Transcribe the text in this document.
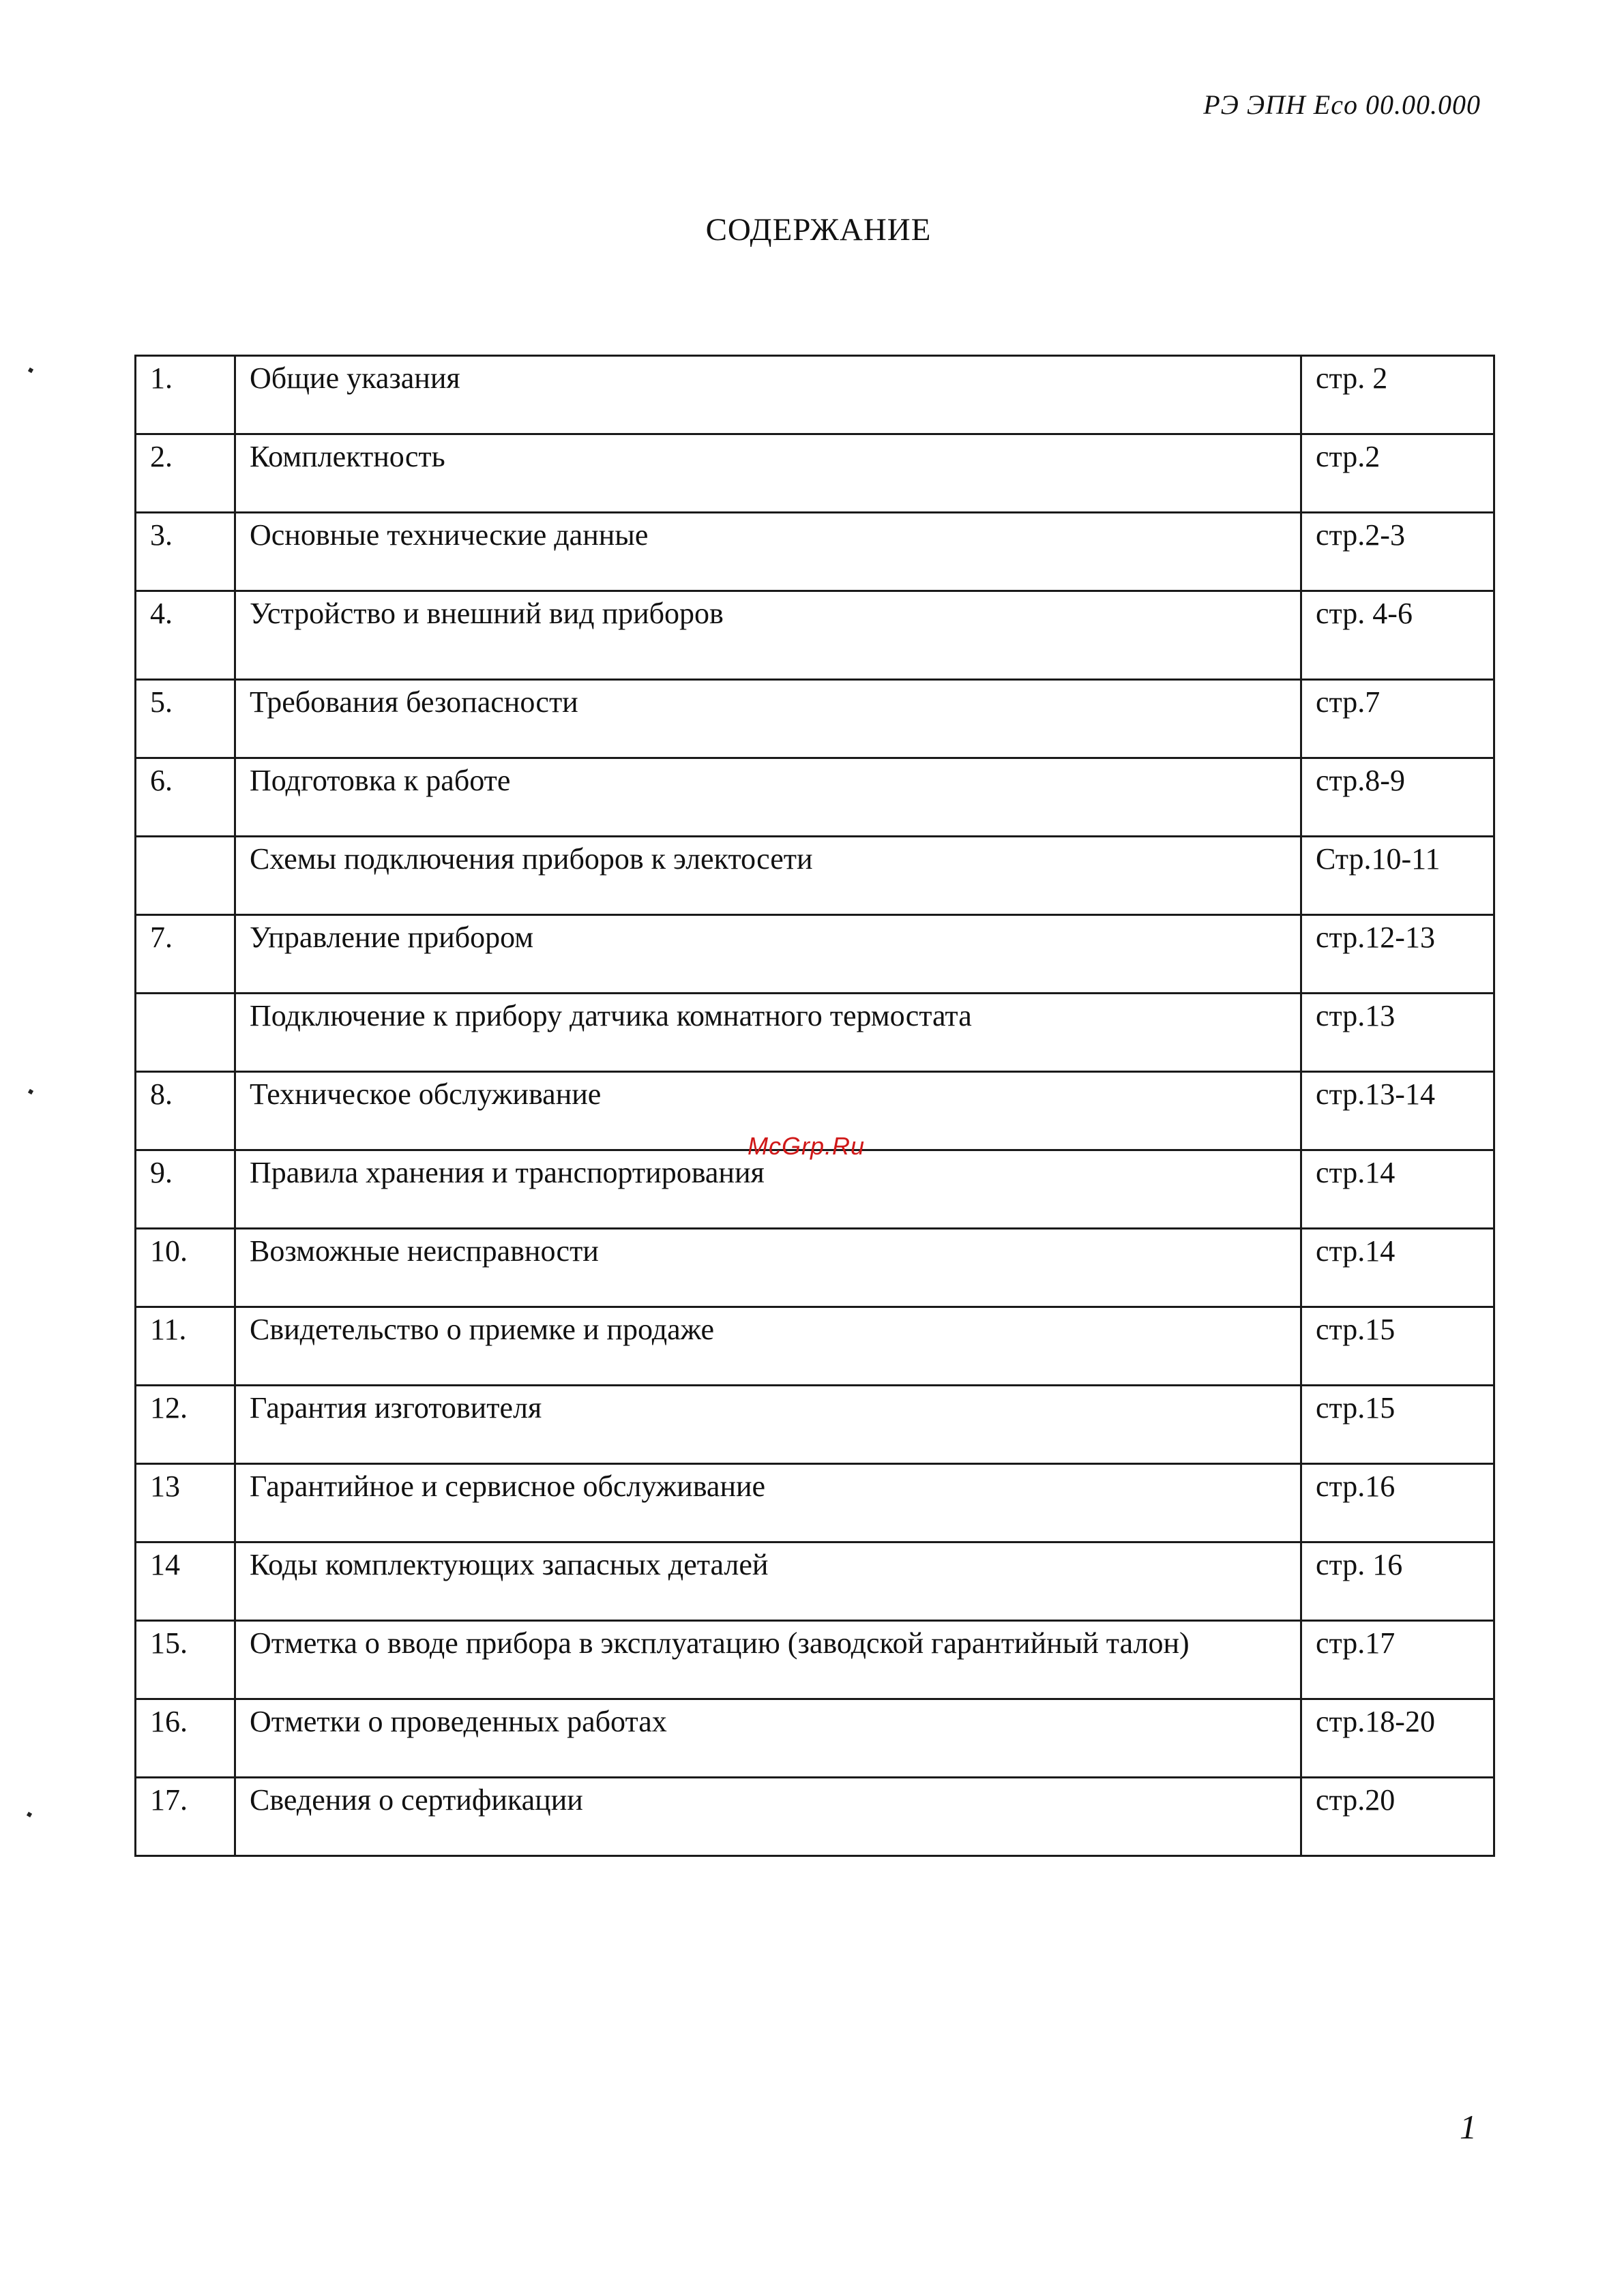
РЭ ЭПН Eco 00.00.000
СОДЕРЖАНИЕ
1.	Общие указания	стр. 2
2.	Комплектность	стр.2
3.	Основные технические данные	стр.2-3
4.	Устройство и внешний вид приборов	стр. 4-6
5.	Требования безопасности	стр.7
6.	Подготовка к работе	стр.8-9
	Схемы подключения приборов к электосети	Стр.10-11
7.	Управление прибором	стр.12-13
	Подключение к прибору датчика комнатного термостата	стр.13
8.	Техническое обслуживание	стр.13-14
9.	Правила хранения и транспортирования	стр.14
10.	Возможные неисправности	стр.14
11.	Свидетельство о приемке и продаже	стр.15
12.	Гарантия изготовителя	стр.15
13	Гарантийное и сервисное обслуживание	стр.16
14	Коды комплектующих запасных деталей	стр. 16
15.	Отметка о вводе прибора в эксплуатацию (заводской гарантийный талон)	стр.17
16.	Отметки о проведенных работах	стр.18-20
17.	Сведения о сертификации	стр.20
McGrp.Ru
1
